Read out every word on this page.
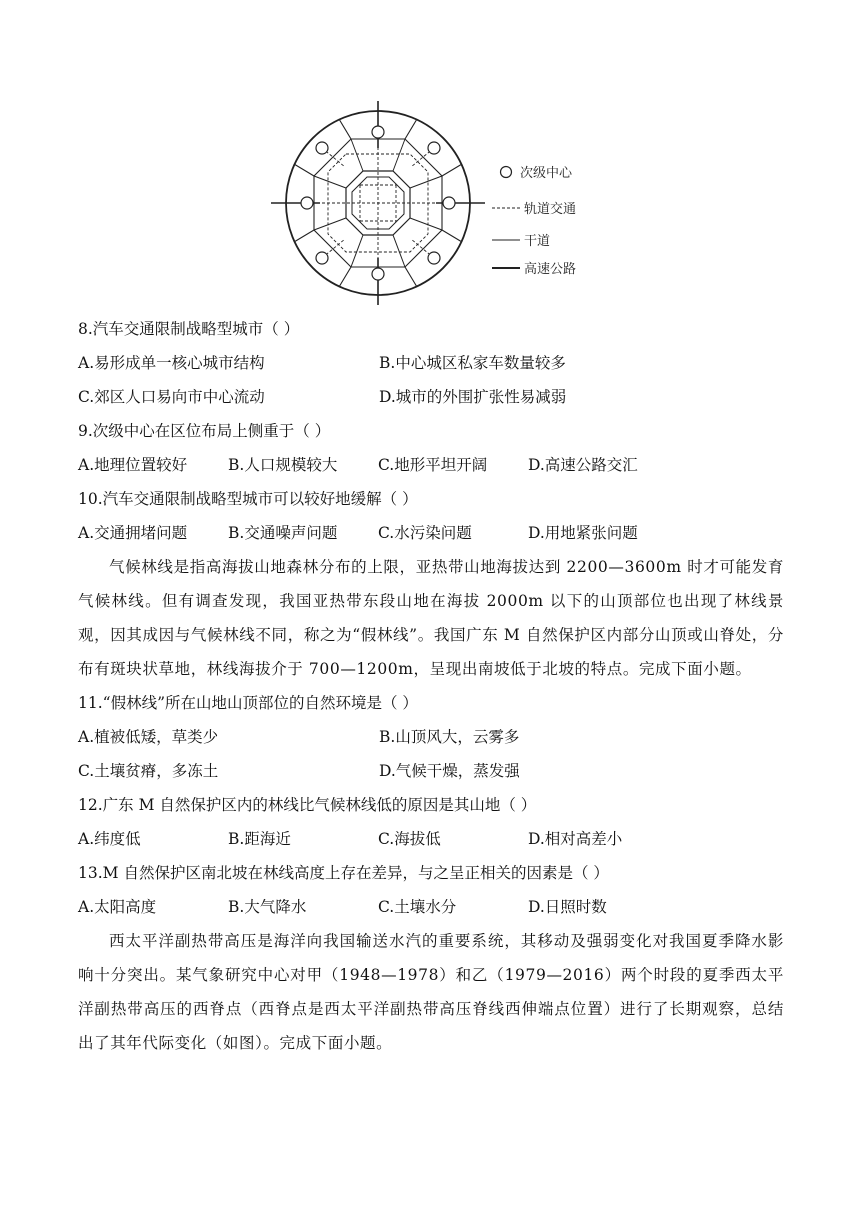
次级中心
轨道交通
干道
高速公路
8.汽车交通限制战略型城市（ ）
A.易形成单一核心城市结构	B.中心城区私家车数量较多
C.郊区人口易向市中心流动	D.城市的外围扩张性易减弱
9.次级中心在区位布局上侧重于（ ）
A.地理位置较好	B.人口规模较大	C.地形平坦开阔	D.高速公路交汇
10.汽车交通限制战略型城市可以较好地缓解（ ）
A.交通拥堵问题	B.交通噪声问题	C.水污染问题	D.用地紧张问题

气候林线是指高海拔山地森林分布的上限，亚热带山地海拔达到 2200—3600m 时才可能发育气候林线。但有调查发现，我国亚热带东段山地在海拔 2000m 以下的山顶部位也出现了林线景观，因其成因与气候林线不同，称之为“假林线”。我国广东 M 自然保护区内部分山顶或山脊处，分布有斑块状草地，林线海拔介于 700—1200m，呈现出南坡低于北坡的特点。完成下面小题。

11.“假林线”所在山地山顶部位的自然环境是（ ）
A.植被低矮，草类少	B.山顶风大，云雾多
C.土壤贫瘠，多冻土	D.气候干燥，蒸发强
12.广东 M 自然保护区内的林线比气候林线低的原因是其山地（ ）
A.纬度低	B.距海近	C.海拔低	D.相对高差小
13.M 自然保护区南北坡在林线高度上存在差异，与之呈正相关的因素是（ ）
A.太阳高度	B.大气降水	C.土壤水分	D.日照时数

西太平洋副热带高压是海洋向我国输送水汽的重要系统，其移动及强弱变化对我国夏季降水影响十分突出。某气象研究中心对甲（1948—1978）和乙（1979—2016）两个时段的夏季西太平洋副热带高压的西脊点（西脊点是西太平洋副热带高压脊线西伸端点位置）进行了长期观察，总结出了其年代际变化（如图）。完成下面小题。
